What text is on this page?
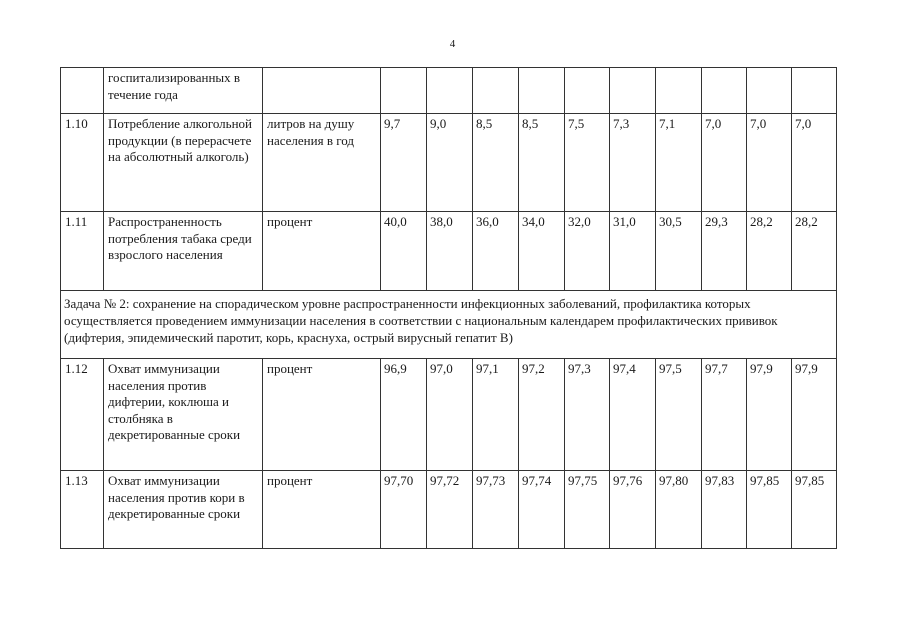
4
	госпитализированных в течение года											
1.10	Потребление алкогольной продукции (в перерасчете на абсолютный алкоголь)	литров на душу населения в год	9,7	9,0	8,5	8,5	7,5	7,3	7,1	7,0	7,0	7,0
1.11	Распространенность потребления табака среди взрослого населения	процент	40,0	38,0	36,0	34,0	32,0	31,0	30,5	29,3	28,2	28,2
Задача № 2: сохранение на спорадическом уровне распространенности инфекционных заболеваний, профилактика которых осуществляется проведением иммунизации населения в соответствии с национальным календарем профилактических прививок (дифтерия, эпидемический паротит, корь, краснуха, острый вирусный гепатит В)												
1.12	Охват иммунизации населения против дифтерии, коклюша и столбняка в декретированные сроки	процент	96,9	97,0	97,1	97,2	97,3	97,4	97,5	97,7	97,9	97,9
1.13	Охват иммунизации населения против кори в декретированные сроки	процент	97,70	97,72	97,73	97,74	97,75	97,76	97,80	97,83	97,85	97,85
